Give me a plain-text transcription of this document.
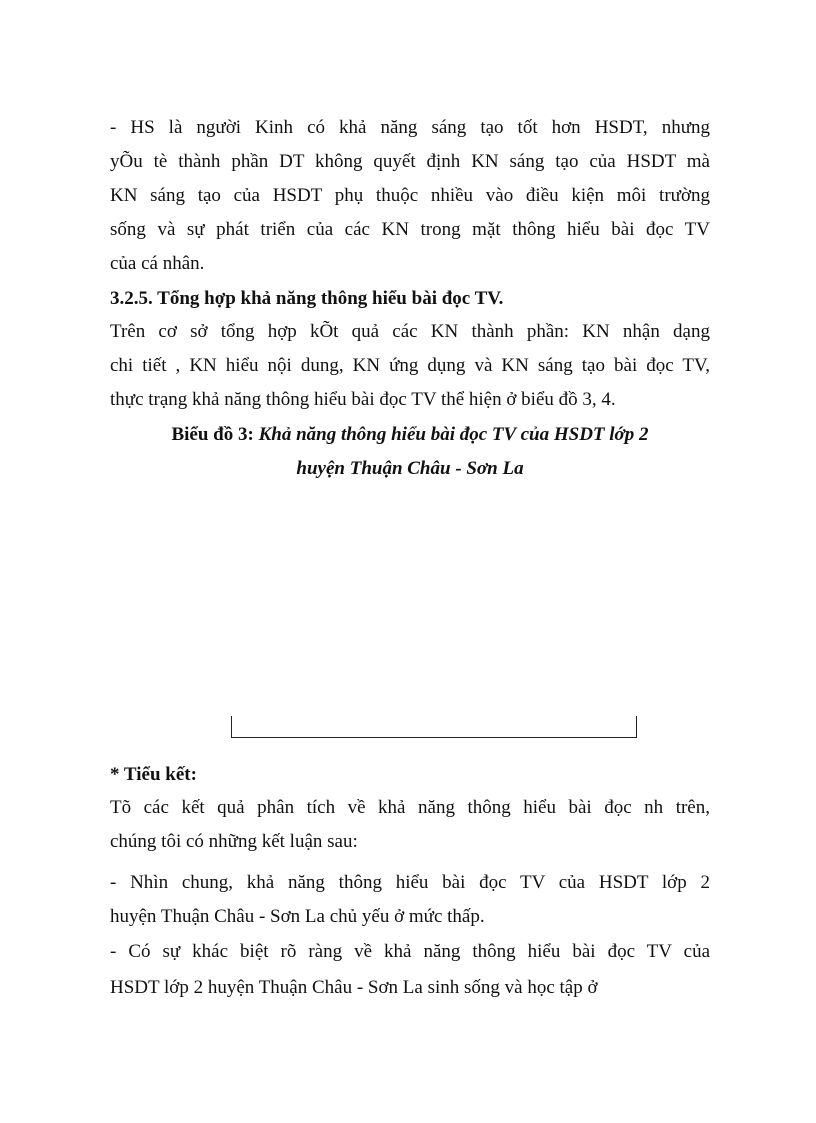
- HS là người Kinh có khả năng sáng tạo tốt hơn HSDT, nhưng
yÕu tè thành phần DT không quyết định KN sáng tạo của HSDT mà
KN sáng tạo của HSDT phụ thuộc nhiều vào điều kiện môi trường
sống và sự phát triển của các KN trong mặt thông hiểu bài đọc TV
của cá nhân.
3.2.5. Tổng hợp khả năng thông hiểu bài đọc TV.
Trên cơ sở tổng hợp kÕt quả các KN thành phần: KN nhận dạng
chi tiết , KN hiểu nội dung, KN ứng dụng và KN sáng tạo bài đọc TV,
thực trạng khả năng thông hiểu bài đọc TV thể hiện ở biểu đồ 3, 4.
Biểu đồ 3: Khả năng thông hiểu bài đọc TV của HSDT lớp 2
huyện Thuận Châu - Sơn La
* Tiểu kết:
Tõ các kết quả phân tích về khả năng thông hiểu bài đọc nh trên,
chúng tôi có những kết luận sau:
- Nhìn chung, khả năng thông hiểu bài đọc TV của HSDT lớp 2
huyện Thuận Châu - Sơn La chủ yếu ở mức thấp.
- Có sự khác biệt rõ ràng về khả năng thông hiểu bài đọc TV của
HSDT lớp 2 huyện Thuận Châu - Sơn La sinh sống và học tập ở
